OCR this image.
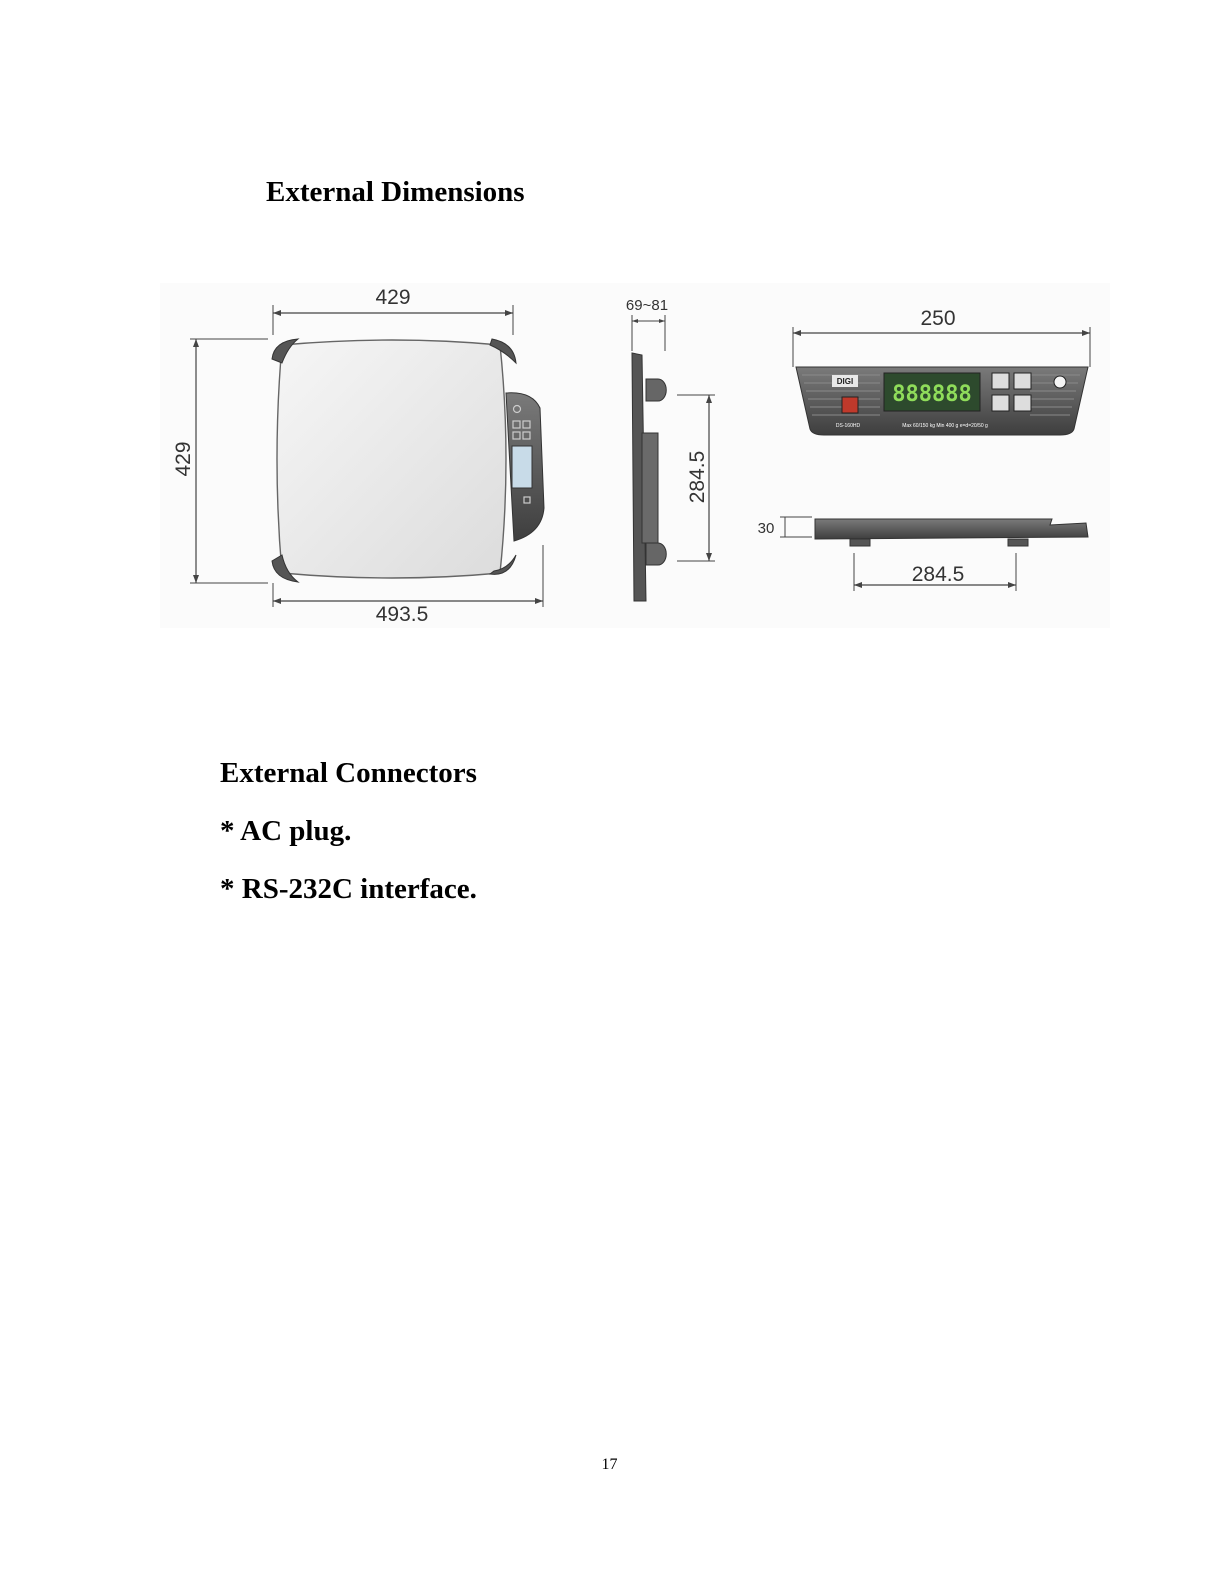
External Dimensions
429
429
493.5
69~81
284.5
250
DIGI
888888
DS-160HD	Max 60/150 kg Min 400 g e=d=20/50 g
30
284.5
External Connectors
* AC plug.
* RS-232C interface.
17
